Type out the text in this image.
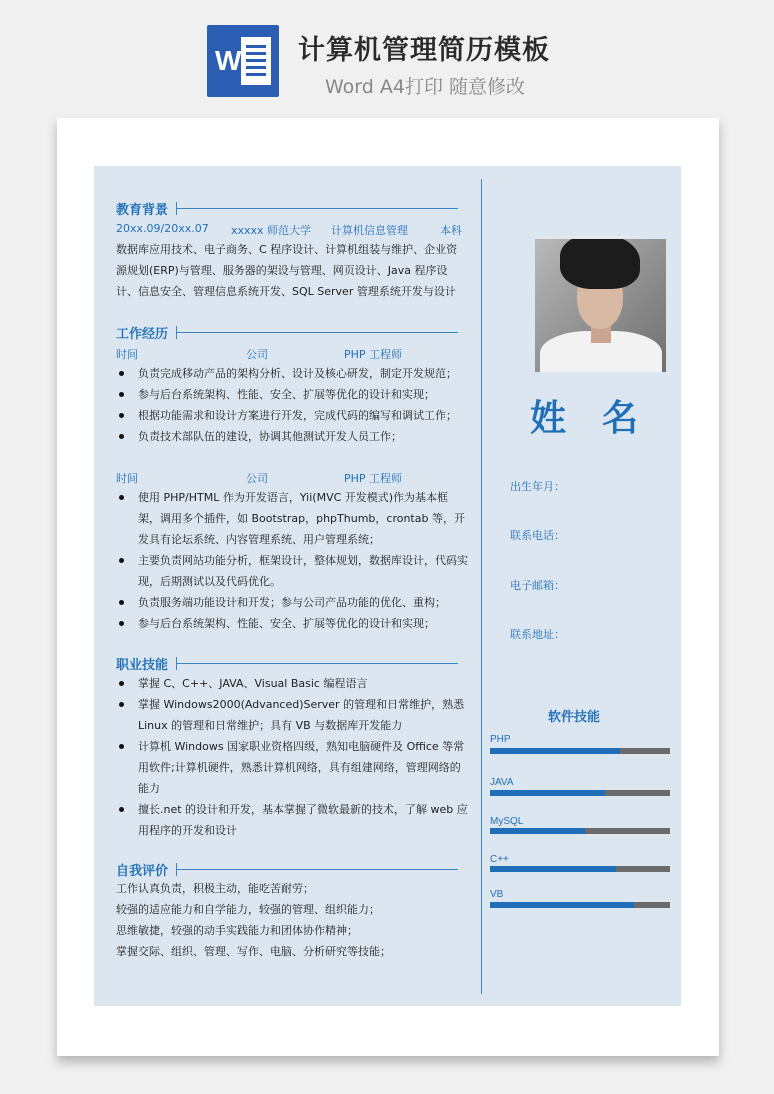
W	计算机管理简历模板
Word A4打印 随意修改
教育背景
20xx.09/20xx.07 xxxxx 师范大学 计算机信息管理	本科
数据库应用技术、电子商务、C 程序设计、计算机组装与维护、企业资源规划(ERP)与管理、服务器的架设与管理、网页设计、Java 程序设计、信息安全、管理信息系统开发、SQL Server 管理系统开发与设计
工作经历
时间	公司	PHP 工程师
负责完成移动产品的架构分析、设计及核心研发，制定开发规范；
参与后台系统架构、性能、安全、扩展等优化的设计和实现；
根据功能需求和设计方案进行开发，完成代码的编写和调试工作；
负责技术部队伍的建设，协调其他测试开发人员工作；
时间	公司	PHP 工程师
使用 PHP/HTML 作为开发语言，Yii(MVC 开发模式)作为基本框架，调用多个插件，如 Bootstrap，phpThumb，crontab 等，开发具有论坛系统、内容管理系统、用户管理系统；
主要负责网站功能分析，框架设计，整体规划，数据库设计，代码实现，后期测试以及代码优化。
负责服务端功能设计和开发；参与公司产品功能的优化、重构；
参与后台系统架构、性能、安全、扩展等优化的设计和实现；
职业技能
掌握 C、C++、JAVA、Visual Basic 编程语言
掌握 Windows2000(Advanced)Server 的管理和日常维护，熟悉 Linux 的管理和日常维护；具有 VB 与数据库开发能力
计算机 Windows 国家职业资格四级，熟知电脑硬件及 Office 等常用软件;计算机硬件，熟悉计算机网络，具有组建网络，管理网络的能力
擅长.net 的设计和开发，基本掌握了微软最新的技术，了解 web 应用程序的开发和设计
自我评价
工作认真负责，积极主动，能吃苦耐劳；
较强的适应能力和自学能力，较强的管理、组织能力；
思维敏捷，较强的动手实践能力和团体协作精神；
掌握交际、组织、管理、写作、电脑、分析研究等技能；
姓名
出生年月：
联系电话：
电子邮箱：
联系地址：
软件技能
PHP
JAVA
MySQL
C++
VB
